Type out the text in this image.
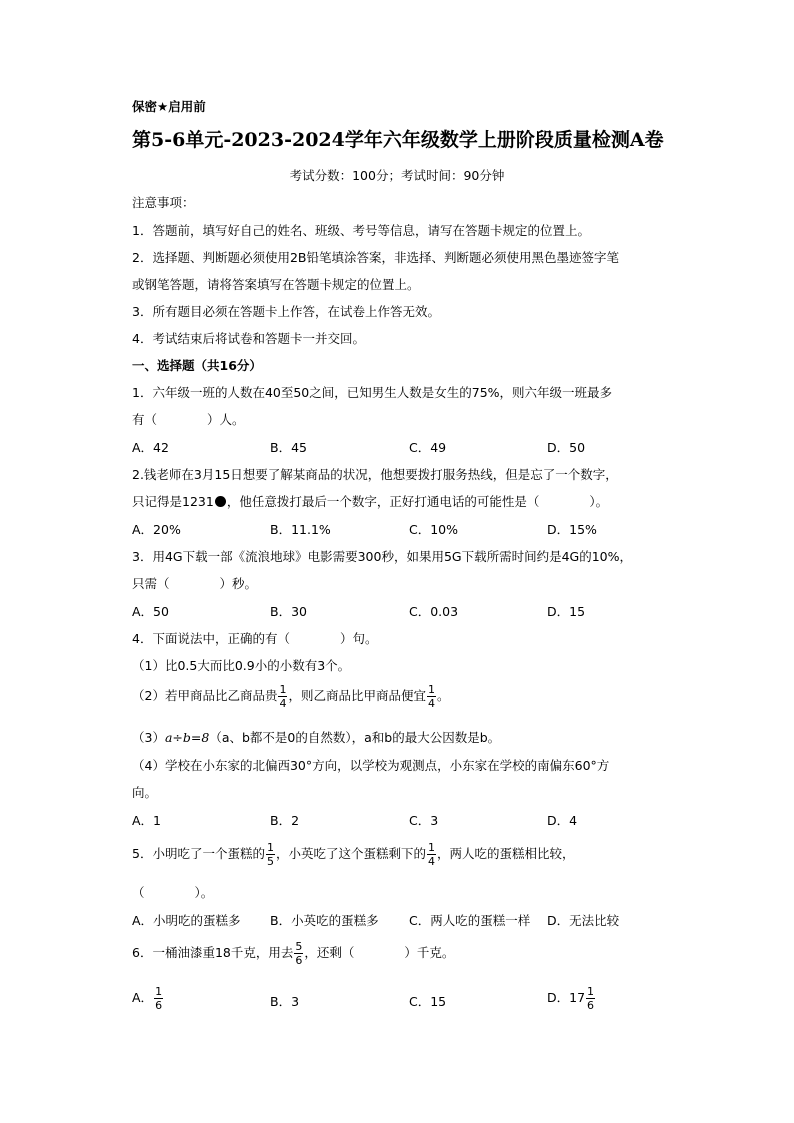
保密★启用前
第5-6单元-2023-2024学年六年级数学上册阶段质量检测A卷
考试分数：100分；考试时间：90分钟
注意事项：
1．答题前，填写好自己的姓名、班级、考号等信息，请写在答题卡规定的位置上。
2．选择题、判断题必须使用2B铅笔填涂答案，非选择、判断题必须使用黑色墨迹签字笔
或钢笔答题，请将答案填写在答题卡规定的位置上。
3．所有题目必须在答题卡上作答，在试卷上作答无效。
4．考试结束后将试卷和答题卡一并交回。
一、选择题（共16分）
1．六年级一班的人数在40至50之间，已知男生人数是女生的75%，则六年级一班最多
有（　　　　）人。
A．42	B．45	C．49	D．50
2.钱老师在3月15日想要了解某商品的状况，他想要拨打服务热线，但是忘了一个数字，
只记得是1231 ，他任意拨打最后一个数字，正好打通电话的可能性是（　　　　）。
A．20%	B．11.1%	C．10%	D．15%
3．用4G下载一部《流浪地球》电影需要300秒，如果用5G下载所需时间约是4G的10%，
只需（　　　　）秒。
A．50	B．30	C．0.03	D．15
4．下面说法中，正确的有（　　　　）句。
（1）比0.5大而比0.9小的小数有3个。
（2）若甲商品比乙商品贵 $\frac{1}{4}$ ，则乙商品比甲商品便宜 $\frac{1}{4}$ 。
（3）a÷b=8（a、b都不是0的自然数），a和b的最大公因数是b。
（4）学校在小东家的北偏西30°方向，以学校为观测点，小东家在学校的南偏东60°方
向。
A．1	B．2	C．3	D．4
5．小明吃了一个蛋糕的 $\frac{1}{5}$ ，小英吃了这个蛋糕剩下的 $\frac{1}{4}$ ，两人吃的蛋糕相比较，
（　　　　）。
A．小明吃的蛋糕多 B．小英吃的蛋糕多 C．两人吃的蛋糕一样 D．无法比较
6．一桶油漆重18千克，用去 $\frac{5}{6}$ ，还剩（　　　　）千克。
A． $\frac{1}{6}$	B．3	C．15	D．$17 \frac{1}{6}$
